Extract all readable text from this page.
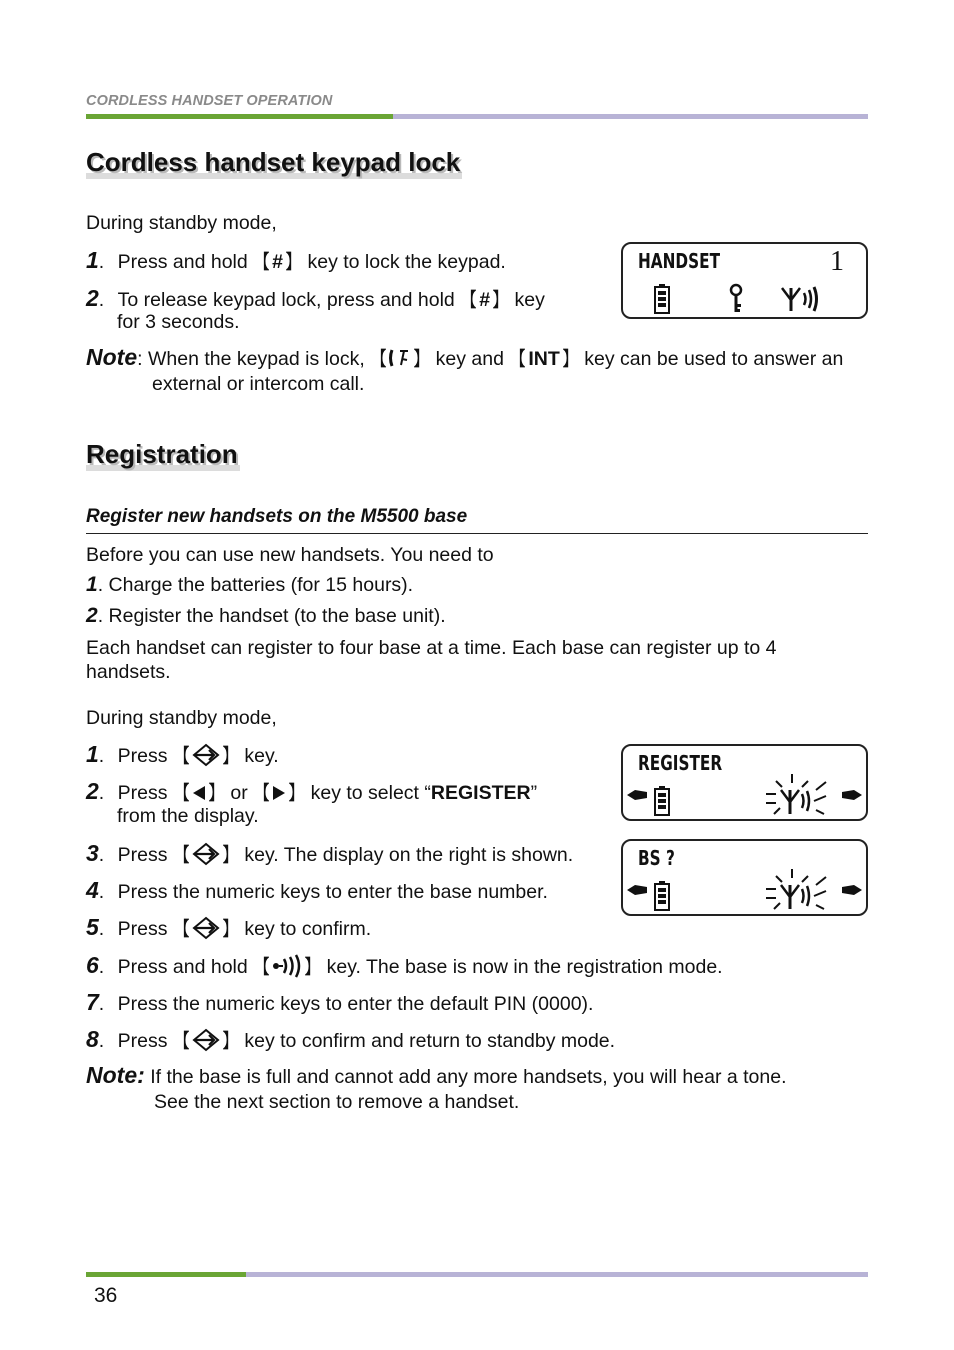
CORDLESS HANDSET OPERATION
Cordless handset keypad lock
During standby mode,
1. Press and hold 【 # 】 key to lock the keypad.
2. To release keypad lock, press and hold 【 # 】 key
for 3 seconds.
HANDSET	1
Note: When the keypad is lock, 【 】 key and 【 INT 】 key can be used to answer an
external or intercom call.
Registration
Register new handsets on the M5500 base
Before you can use new handsets. You need to
1. Charge the batteries (for 15 hours).
2. Register the handset (to the base unit).
Each handset can register to four base at a time. Each base can register up to 4
handsets.
During standby mode,
1. Press 【 】 key.
2. Press 【 】 or 【 】 key to select “REGISTER”
from the display.
3. Press 【 】 key. The display on the right is shown.
4. Press the numeric keys to enter the base number.
5. Press 【 】 key to confirm.
6. Press and hold 【 】 key. The base is now in the registration mode.
7. Press the numeric keys to enter the default PIN (0000).
8. Press 【 】 key to confirm and return to standby mode.
Note: If the base is full and cannot add any more handsets, you will hear a tone.
See the next section to remove a handset.
REGISTER
BS ?
36
